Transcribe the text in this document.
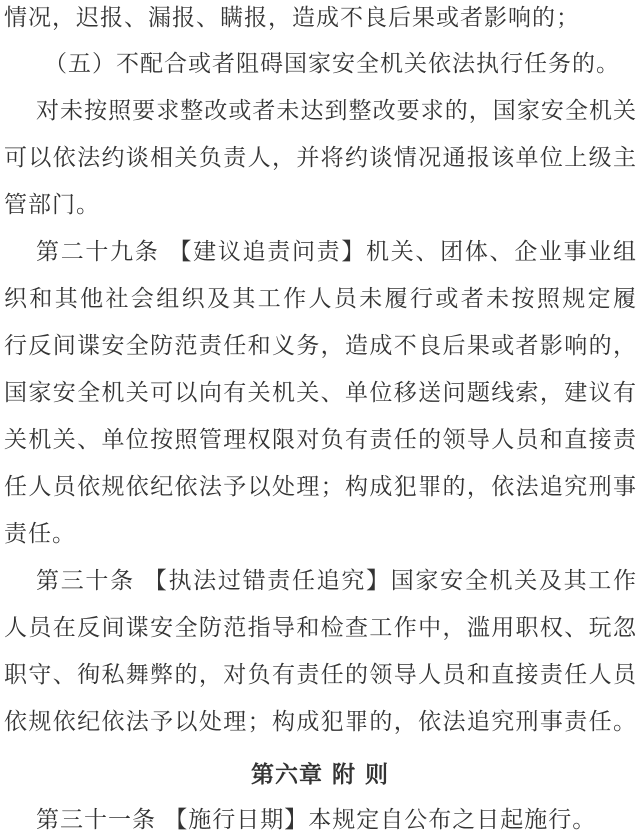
情况，迟报、漏报、瞒报，造成不良后果或者影响的；
（五）不配合或者阻碍国家安全机关依法执行任务的。
对未按照要求整改或者未达到整改要求的，国家安全机关
可以依法约谈相关负责人，并将约谈情况通报该单位上级主
管部门。
第二十九条 【建议追责问责】机关、团体、企业事业组
织和其他社会组织及其工作人员未履行或者未按照规定履
行反间谍安全防范责任和义务，造成不良后果或者影响的，
国家安全机关可以向有关机关、单位移送问题线索，建议有
关机关、单位按照管理权限对负有责任的领导人员和直接责
任人员依规依纪依法予以处理；构成犯罪的，依法追究刑事
责任。
第三十条 【执法过错责任追究】国家安全机关及其工作
人员在反间谍安全防范指导和检查工作中，滥用职权、玩忽
职守、徇私舞弊的，对负有责任的领导人员和直接责任人员
依规依纪依法予以处理；构成犯罪的，依法追究刑事责任。
第六章 附 则
第三十一条 【施行日期】本规定自公布之日起施行。
